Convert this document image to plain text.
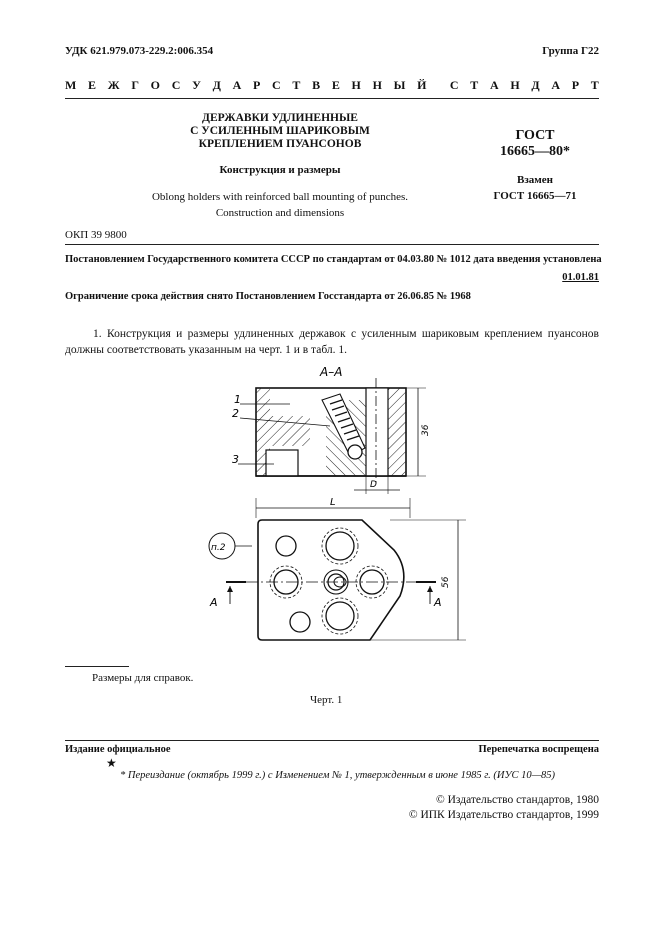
УДК 621.979.073-229.2:006.354	Группа Г22
М Е Ж Г О С У Д А Р С Т В Е Н Н Ы Й С Т А Н Д А Р Т
ДЕРЖАВКИ УДЛИНЕННЫЕ
С УСИЛЕННЫМ ШАРИКОВЫМ
КРЕПЛЕНИЕМ ПУАНСОНОВ
Конструкция и размеры
Oblong holders with reinforced ball mounting of punches.
Construction and dimensions
ГОСТ
16665—80*
Взамен
ГОСТ 16665—71
ОКП 39 9800
Постановлением Государственного комитета СССР по стандартам от 04.03.80 № 1012 дата введения установлена
01.01.81
Ограничение срока действия снято Постановлением Госстандарта от 26.06.85 № 1968
1. Конструкция и размеры удлиненных державок с усиленным шариковым креплением пуансонов должны соответствовать указанным на черт. 1 и в табл. 1.
36
D
А–А
1
2
3
L
А	А
56
п.2
Размеры для справок.
Черт. 1
Издание официальное	Перепечатка воспрещена
★
* Переиздание (октябрь 1999 г.) с Изменением № 1, утвержденным в июне 1985 г. (ИУС 10—85)
© Издательство стандартов, 1980
© ИПК Издательство стандартов, 1999
